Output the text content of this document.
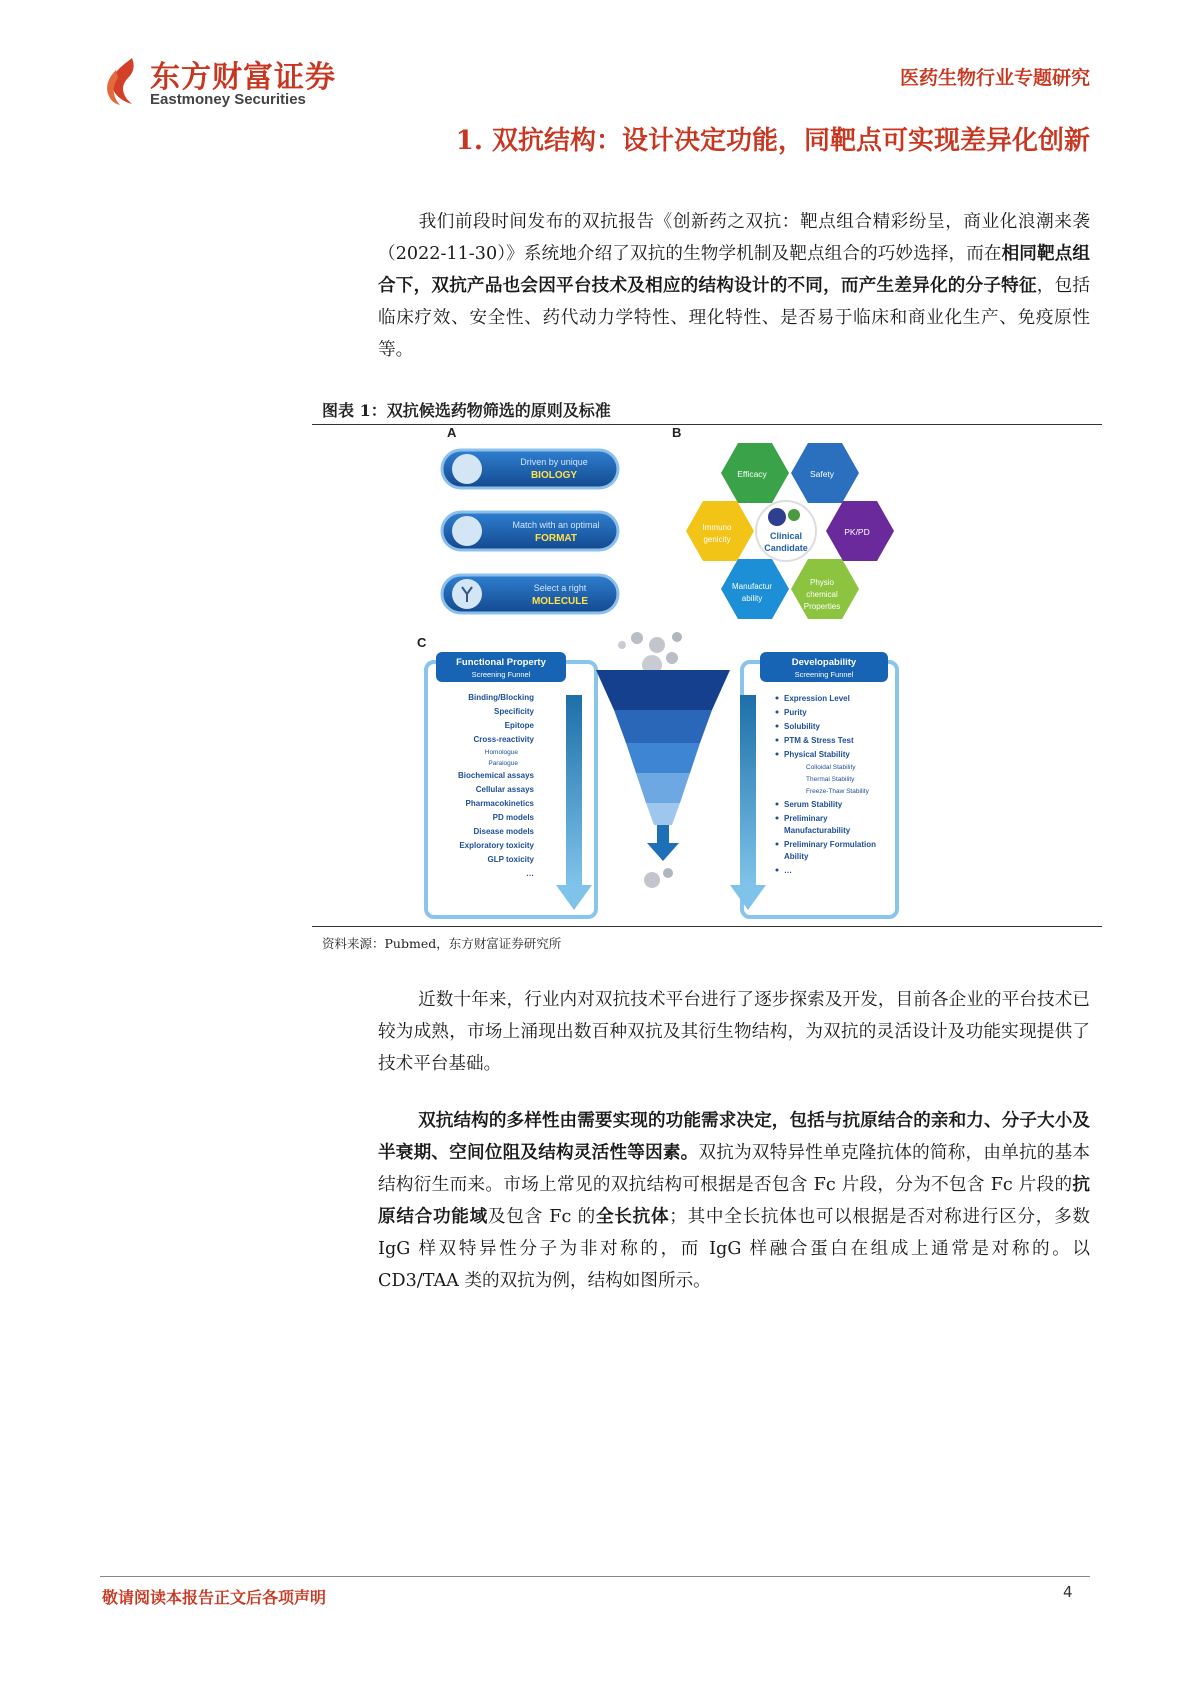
东方财富证券
Eastmoney Securities
医药生物行业专题研究
1. 双抗结构：设计决定功能，同靶点可实现差异化创新
我们前段时间发布的双抗报告《创新药之双抗：靶点组合精彩纷呈，商业化浪潮来袭（2022-11-30）》系统地介绍了双抗的生物学机制及靶点组合的巧妙选择，而在相同靶点组合下，双抗产品也会因平台技术及相应的结构设计的不同，而产生差异化的分子特征，包括临床疗效、安全性、药代动力学特性、理化特性、是否易于临床和商业化生产、免疫原性等。
图表 1：双抗候选药物筛选的原则及标准
A
Driven by unique
BIOLOGY
Match with an optimal
FORMAT
Select a right
MOLECULE
B
Clinical
Candidate
Efficacy	Safety
PK/PD
Physio
chemical
Properties
Manufactur
ability
Immuno
genicity
C
Functional Property
Screening Funnel
Binding/Blocking
Specificity
Epitope
Cross-reactivity
Homologue
Paralogue
Biochemical assays
Cellular assays
Pharmacokinetics
PD models
Disease models
Exploratory toxicity
GLP toxicity
…
Developability
Screening Funnel
Expression Level
Purity
Solubility
PTM & Stress Test
Physical Stability
Colloidal Stability
Thermal Stability
Freeze-Thaw Stability
Serum Stability
Preliminary
Manufacturability
Preliminary Formulation
Ability
…
资料来源：Pubmed，东方财富证券研究所
近数十年来，行业内对双抗技术平台进行了逐步探索及开发，目前各企业的平台技术已较为成熟，市场上涌现出数百种双抗及其衍生物结构，为双抗的灵活设计及功能实现提供了技术平台基础。
双抗结构的多样性由需要实现的功能需求决定，包括与抗原结合的亲和力、分子大小及半衰期、空间位阻及结构灵活性等因素。双抗为双特异性单克隆抗体的简称，由单抗的基本结构衍生而来。市场上常见的双抗结构可根据是否包含 Fc 片段，分为不包含 Fc 片段的抗原结合功能域及包含 Fc 的全长抗体；其中全长抗体也可以根据是否对称进行区分，多数 IgG 样双特异性分子为非对称的，而 IgG 样融合蛋白在组成上通常是对称的。以 CD3/TAA 类的双抗为例，结构如图所示。
敬请阅读本报告正文后各项声明	4
